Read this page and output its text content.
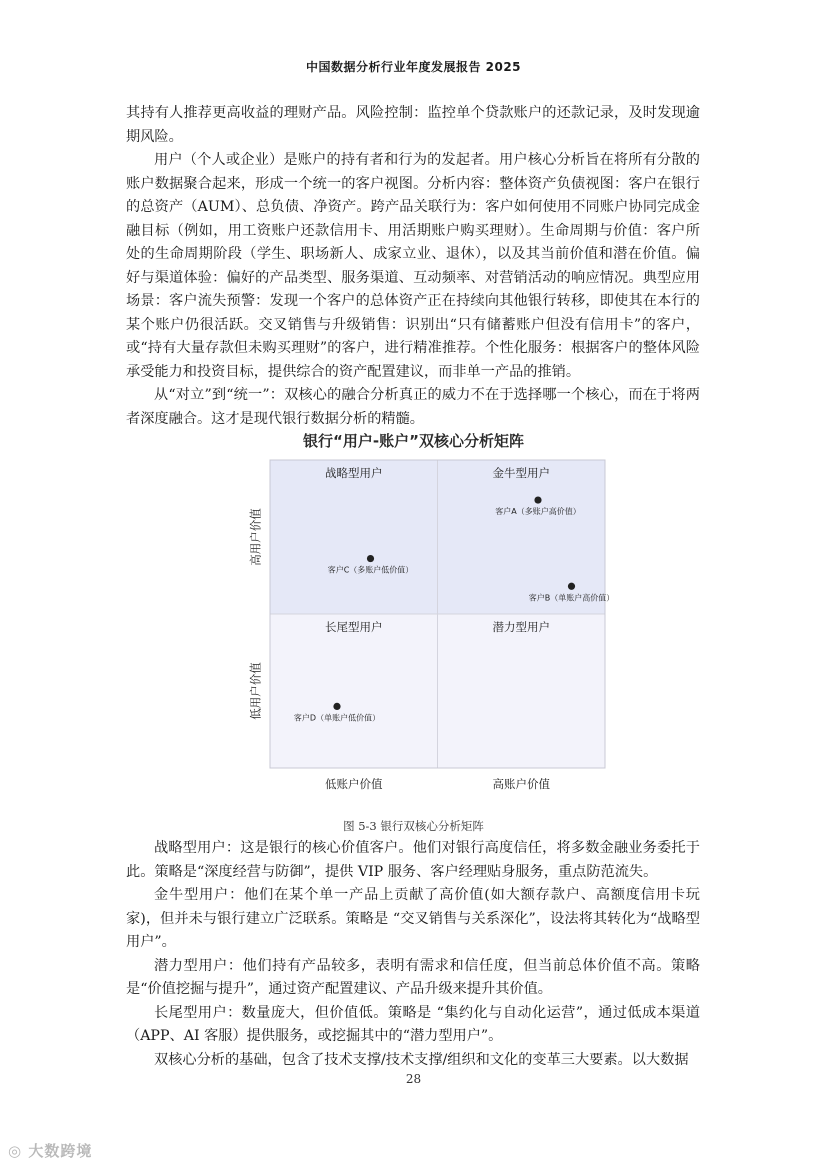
中国数据分析行业年度发展报告 2025

其持有人推荐更高收益的理财产品。风险控制：监控单个贷款账户的还款记录，及时发现逾期风险。

用户（个人或企业）是账户的持有者和行为的发起者。用户核心分析旨在将所有分散的账户数据聚合起来，形成一个统一的客户视图。分析内容：整体资产负债视图：客户在银行的总资产（AUM）、总负债、净资产。跨产品关联行为：客户如何使用不同账户协同完成金融目标（例如，用工资账户还款信用卡、用活期账户购买理财）。生命周期与价值：客户所处的生命周期阶段（学生、职场新人、成家立业、退休），以及其当前价值和潜在价值。偏好与渠道体验：偏好的产品类型、服务渠道、互动频率、对营销活动的响应情况。典型应用场景：客户流失预警：发现一个客户的总体资产正在持续向其他银行转移，即使其在本行的某个账户仍很活跃。交叉销售与升级销售：识别出“只有储蓄账户但没有信用卡”的客户，或“持有大量存款但未购买理财”的客户，进行精准推荐。个性化服务：根据客户的整体风险承受能力和投资目标，提供综合的资产配置建议，而非单一产品的推销。

从“对立”到“统一”：双核心的融合分析真正的威力不在于选择哪一个核心，而在于将两者深度融合。这才是现代银行数据分析的精髓。

银行“用户-账户”双核心分析矩阵
战略型用户	金牛型用户
长尾型用户	潜力型用户
低账户价值	高账户价值
低用户价值
高用户价值	客户A（多账户高价值）
客户B（单账户高价值）
客户C（多账户低价值）
客户D（单账户低价值）
图 5-3 银行双核心分析矩阵

战略型用户：这是银行的核心价值客户。他们对银行高度信任，将多数金融业务委托于此。策略是“深度经营与防御”，提供 VIP 服务、客户经理贴身服务，重点防范流失。

金牛型用户：他们在某个单一产品上贡献了高价值(如大额存款户、高额度信用卡玩家)，但并未与银行建立广泛联系。策略是 “交叉销售与关系深化”，设法将其转化为“战略型用户”。

潜力型用户：他们持有产品较多，表明有需求和信任度，但当前总体价值不高。策略是“价值挖掘与提升”，通过资产配置建议、产品升级来提升其价值。

长尾型用户：数量庞大，但价值低。策略是 “集约化与自动化运营”，通过低成本渠道（APP、AI 客服）提供服务，或挖掘其中的“潜力型用户”。

双核心分析的基础，包含了技术支撑/技术支撑/组织和文化的变革三大要素。以大数据

28
◎ 大数跨境
